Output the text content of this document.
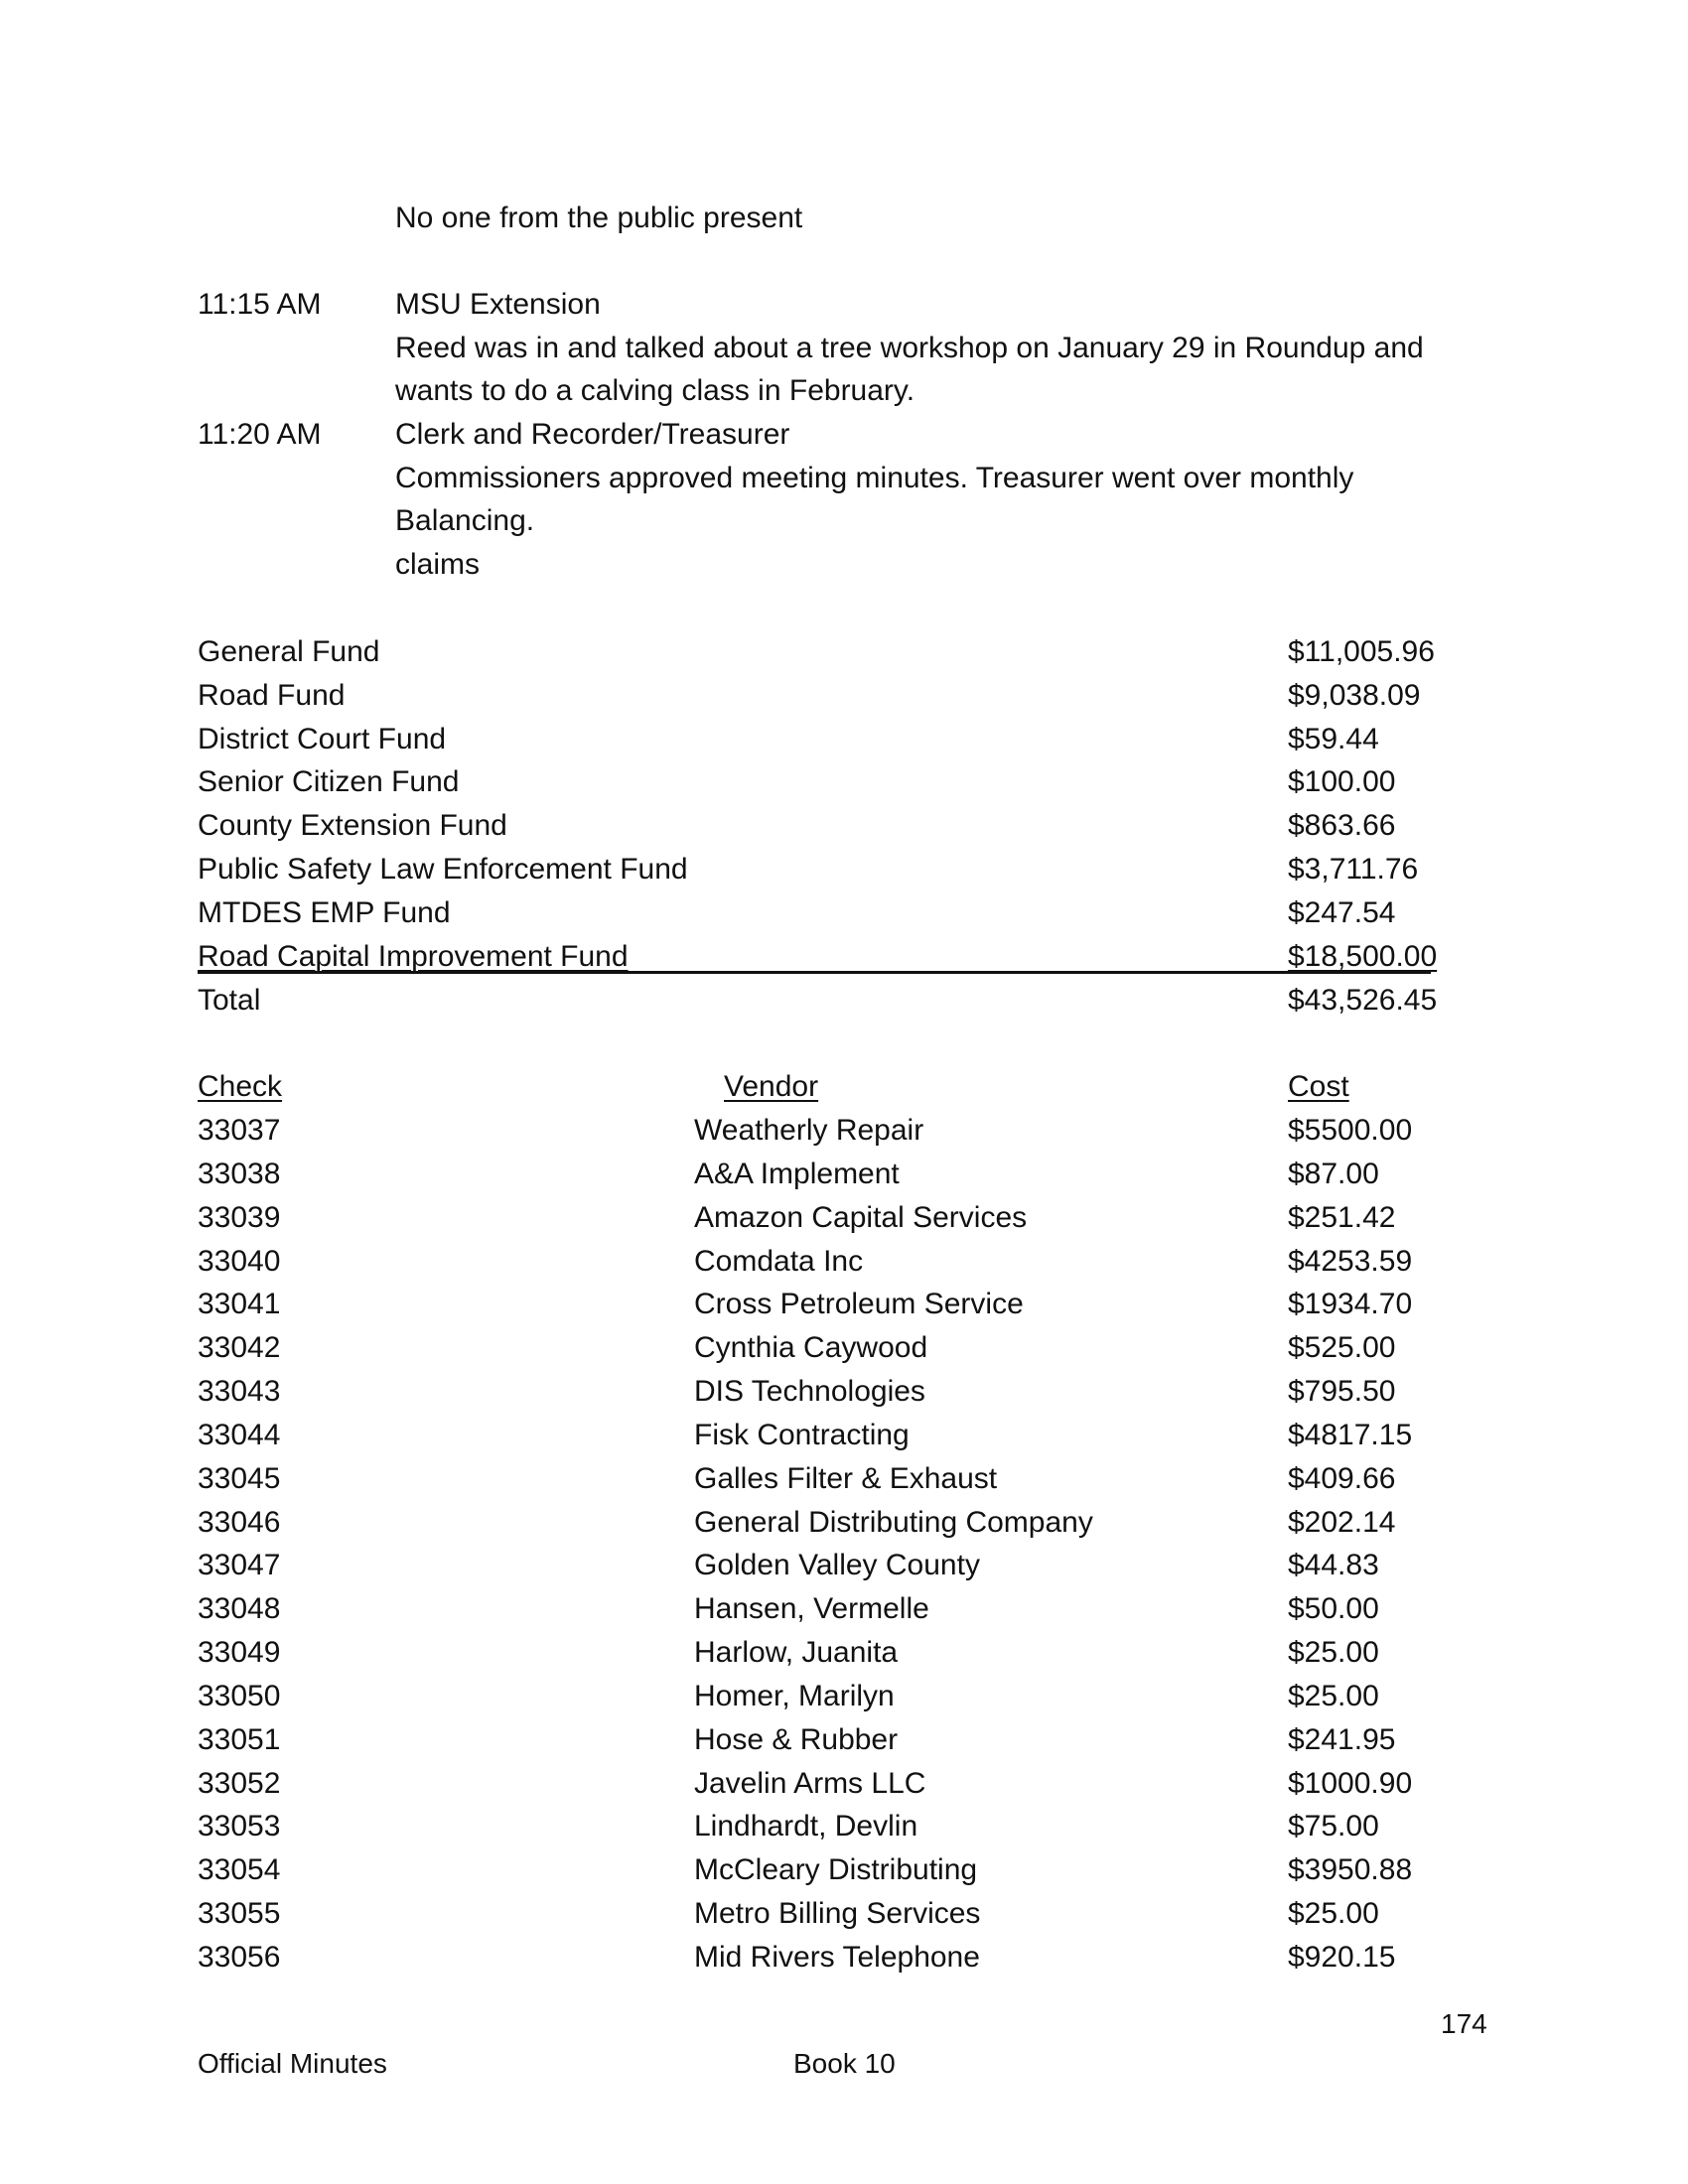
No one from the public present
11:15 AM MSU Extension
Reed was in and talked about a tree workshop on January 29 in Roundup and
wants to do a calving class in February.
11:20 AM Clerk and Recorder/Treasurer
Commissioners approved meeting minutes. Treasurer went over monthly
Balancing.
claims
General Fund	$11,005.96
Road Fund	$9,038.09
District Court Fund	$59.44
Senior Citizen Fund	$100.00
County Extension Fund	$863.66
Public Safety Law Enforcement Fund	$3,711.76
MTDES EMP Fund	$247.54
Road Capital Improvement Fund	$18,500.00
Total	$43,526.45
Check	Vendor	Cost
33037	Weatherly Repair	$5500.00
33038	A&A Implement	$87.00
33039	Amazon Capital Services	$251.42
33040	Comdata Inc	$4253.59
33041	Cross Petroleum Service	$1934.70
33042	Cynthia Caywood	$525.00
33043	DIS Technologies	$795.50
33044	Fisk Contracting	$4817.15
33045	Galles Filter & Exhaust	$409.66
33046	General Distributing Company	$202.14
33047	Golden Valley County	$44.83
33048	Hansen, Vermelle	$50.00
33049	Harlow, Juanita	$25.00
33050	Homer, Marilyn	$25.00
33051	Hose & Rubber	$241.95
33052	Javelin Arms LLC	$1000.90
33053	Lindhardt, Devlin	$75.00
33054	McCleary Distributing	$3950.88
33055	Metro Billing Services	$25.00
33056	Mid Rivers Telephone	$920.15
174
Official Minutes	Book 10
